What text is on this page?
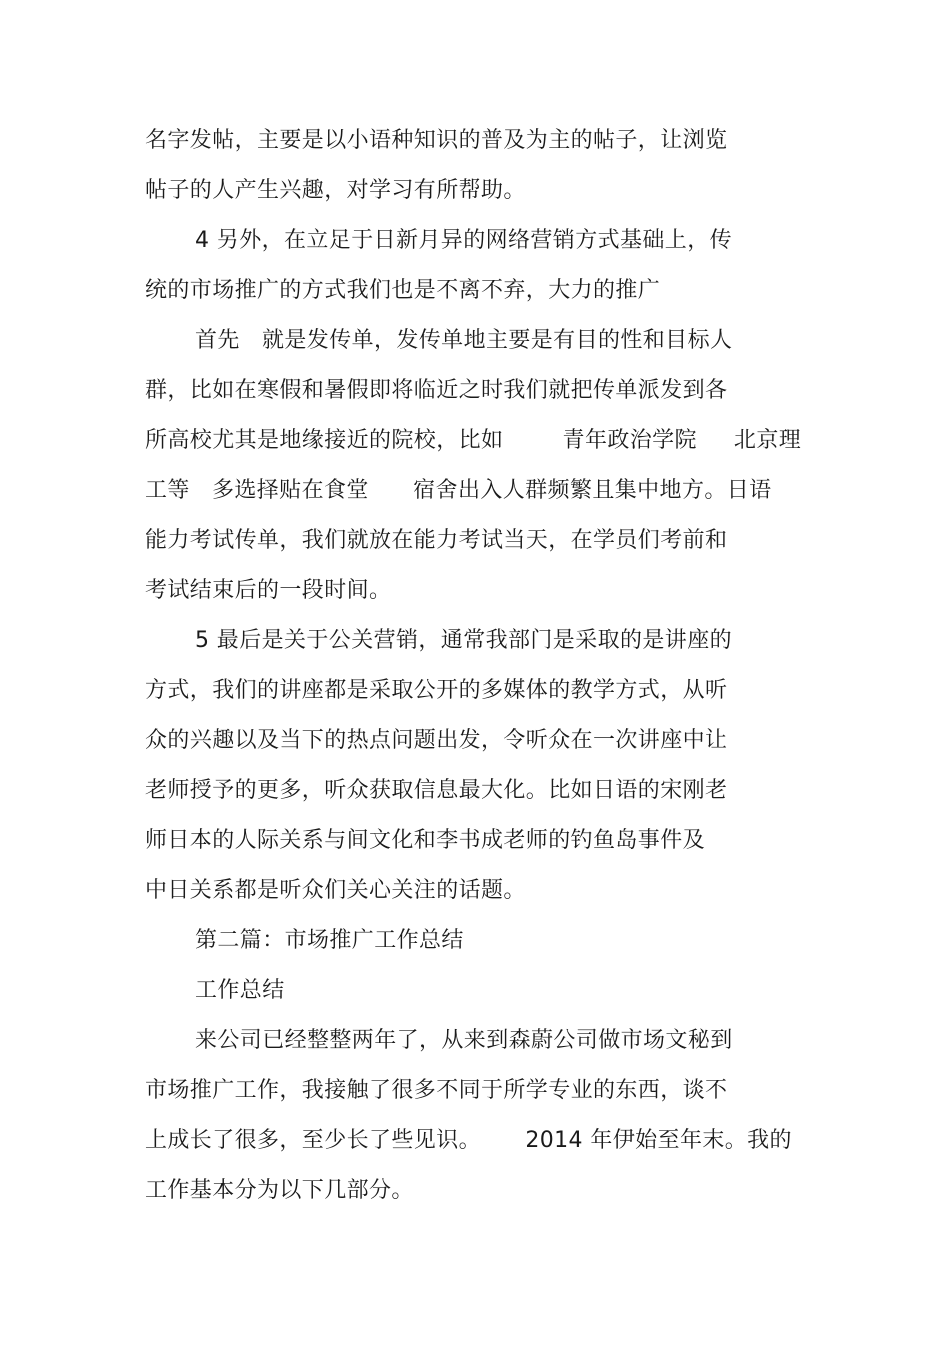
名字发帖，主要是以小语种知识的普及为主的帖子，让浏览
帖子的人产生兴趣，对学习有所帮助。
4 另外，在立足于日新月异的网络营销方式基础上，传
统的市场推广的方式我们也是不离不弃，大力的推广
首先   就是发传单，发传单地主要是有目的性和目标人
群，比如在寒假和暑假即将临近之时我们就把传单派发到各
所高校尤其是地缘接近的院校，比如        青年政治学院     北京理
工等   多选择贴在食堂      宿舍出入人群频繁且集中地方。日语
能力考试传单，我们就放在能力考试当天，在学员们考前和
考试结束后的一段时间。
5 最后是关于公关营销，通常我部门是采取的是讲座的
方式，我们的讲座都是采取公开的多媒体的教学方式，从听
众的兴趣以及当下的热点问题出发，令听众在一次讲座中让
老师授予的更多，听众获取信息最大化。比如日语的宋刚老
师日本的人际关系与间文化和李书成老师的钓鱼岛事件及
中日关系都是听众们关心关注的话题。
第二篇：市场推广工作总结
工作总结
来公司已经整整两年了，从来到森蔚公司做市场文秘到
市场推广工作，我接触了很多不同于所学专业的东西，谈不
上成长了很多，至少长了些见识。      2014 年伊始至年末。我的
工作基本分为以下几部分。
